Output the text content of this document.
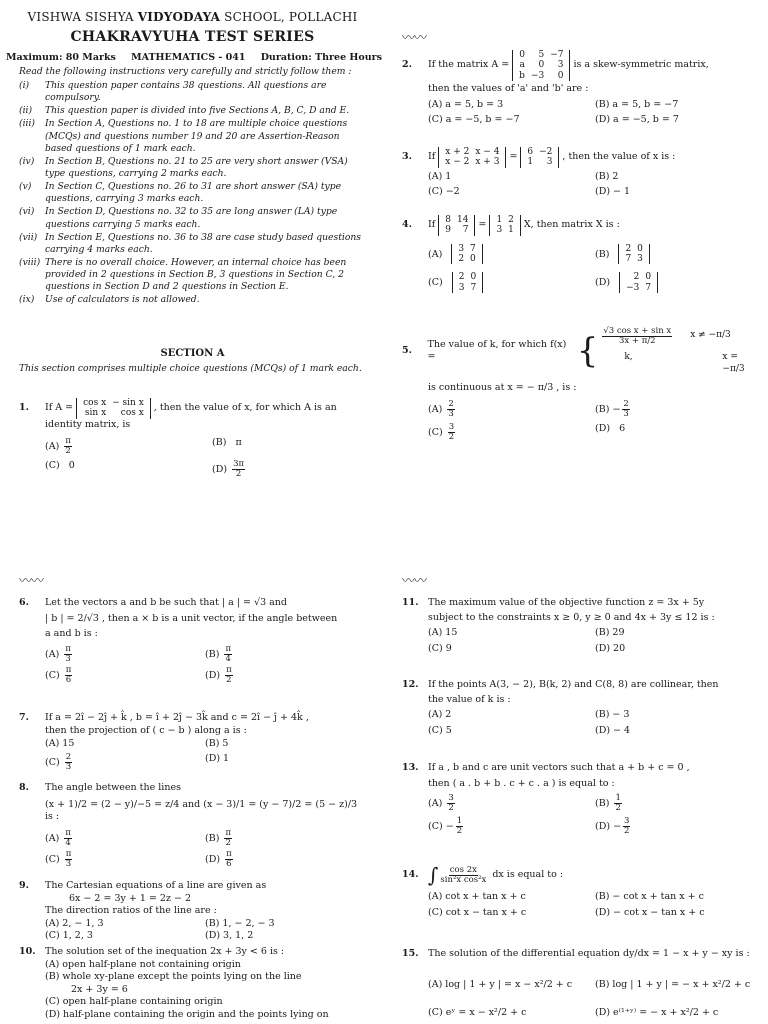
VISHWA SISHYA VIDYODAYA SCHOOL, POLLACHI
CHAKRAVYUHA TEST SERIES
Maximum: 80 Marks MATHEMATICS - 041 Duration: Three Hours
Read the following instructions very carefully and strictly follow them :
(i)	This question paper contains 38 questions. All questions are compulsory.
(ii)	This question paper is divided into five Sections A, B, C, D and E.
(iii)	In Section A, Questions no. 1 to 18 are multiple choice questions (MCQs) and questions number 19 and 20 are Assertion-Reason based questions of 1 mark each.
(iv)	In Section B, Questions no. 21 to 25 are very short answer (VSA) type questions, carrying 2 marks each.
(v)	In Section C, Questions no. 26 to 31 are short answer (SA) type questions, carrying 3 marks each.
(vi)	In Section D, Questions no. 32 to 35 are long answer (LA) type questions carrying 5 marks each.
(vii) In Section E, Questions no. 36 to 38 are case study based questions carrying 4 marks each.
(viii) There is no overall choice. However, an internal choice has been provided in 2 questions in Section B, 3 questions in Section C, 2 questions in Section D and 2 questions in Section E.
(ix)	Use of calculators is not allowed.
SECTION A
This section comprises multiple choice questions (MCQs) of 1 mark each.
1.	If A = cos x	− sin x
sin x	cos x
, then the value of x, for which A is an
identity matrix, is
$(A) \frac{\pi}{2}$	(B) π
(C) 0	$(D) \frac{3\pi}{2}$
〰〰
2.	If the matrix A =
0	5	−7
a	0	3
b	−3	0
is a skew-symmetric matrix,
then the values of 'a' and 'b' are :
(A) a = 5, b = 3	(B) a = 5, b = −7
(C) a = −5, b = −7	(D) a = −5, b = 7
3.	If x + 2	x − 4
x − 2	x + 3
= 6	−2
1	3
, then the value of x is :
(A) 1	(B) 2
(C) −2	(D) − 1
4.	If 8	14
9	7
= 1	2
3	1
X, then matrix X is :
(A) 3	7
2	0	(B) 2	0
7	3
(C) 2	0
3	7	(D)	2	0
−3	7
5.
The value of k, for which f(x) =	{ $\frac{\text{√3 cos x + sin x}}{3x + \pi/2}$ x ≠ −π/3
k,	x = −π/3
is continuous at x = − π/3 , is :
$(A) \frac{2}{3}$	$(B) - \frac{2}{3}$
$(C) \frac{3}{2}$	(D) 6
〰〰	〰〰
6. Let the vectors a and b be such that | a | = √3 and
| b | = 2/√3 , then a × b is a unit vector, if the angle between
a and b is :
$(A) \frac{\pi}{3}$	$(B) \frac{\pi}{4}$
$(C) \frac{\pi}{6}$	$(D) \frac{\pi}{2}$
7. If a = 2î − 2ĵ + k̂ , b = î + 2ĵ − 3k̂ and c = 2î − ĵ + 4k̂ ,
then the projection of ( c − b ) along a is :
(A) 15	(B) 5
$(C) \frac{2}{3}$	(D) 1
8. The angle between the lines
(x + 1)/2 = (2 − y)/−5 = z/4 and (x − 3)/1 = (y − 7)/2 = (5 − z)/3 is :
$(A) \frac{\pi}{4}$	$(B) \frac{\pi}{2}$
$(C) \frac{\pi}{3}$	$(D) \frac{\pi}{6}$
9. The Cartesian equations of a line are given as
6x − 2 = 3y + 1 = 2z − 2
The direction ratios of the line are :
(A) 2, − 1, 3	(B) 1, − 2, − 3
(C) 1, 2, 3	(D) 3, 1, 2
10. The solution set of the inequation 2x + 3y < 6 is :
(A) open half-plane not containing origin
(B) whole xy-plane except the points lying on the line
2x + 3y = 6
(C) open half-plane containing origin
(D) half-plane containing the origin and the points lying on
11. The maximum value of the objective function z = 3x + 5y
subject to the constraints x ≥ 0, y ≥ 0 and 4x + 3y ≤ 12 is :
(A) 15	(B) 29
(C) 9	(D) 20
12. If the points A(3, − 2), B(k, 2) and C(8, 8) are collinear, then
the value of k is :
(A) 2	(B) − 3
(C) 5	(D) − 4
13. If a , b and c are unit vectors such that a + b + c = 0 ,
then ( a . b + b . c + c . a ) is equal to :
$(A) \frac{3}{2}$	$(B) \frac{1}{2}$
$(C) - \frac{1}{2}$	$(D) - \frac{3}{2}$
14. ∫ $\frac{\cos 2x}{\text{sin²x cos²x}}$ dx is equal to :
(A) cot x + tan x + c	(B) − cot x + tan x + c
(C) cot x − tan x + c	(D) − cot x − tan x + c
15. The solution of the differential equation dy/dx = 1 − x + y − xy is :
(A) log | 1 + y | = x − x²/2 + c	(B) log | 1 + y | = − x + x²/2 + c
(C) eʸ = x − x²/2 + c	(D) e⁽¹⁺ʸ⁾ = − x + x²/2 + c
